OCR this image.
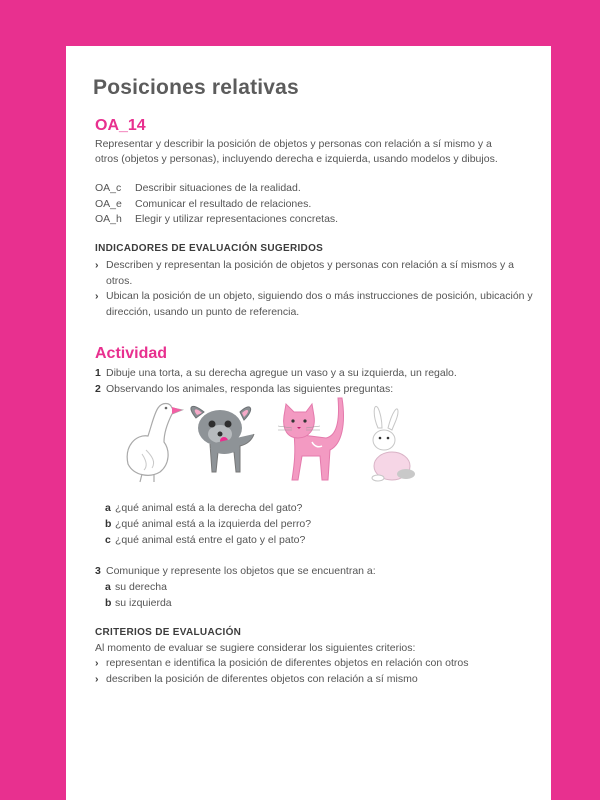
Posiciones relativas
OA_14
Representar y describir la posición de objetos y personas con relación a sí mismo y a otros (objetos y personas), incluyendo derecha e izquierda, usando modelos y dibujos.
OA_c	Describir situaciones de la realidad.
OA_e	Comunicar el resultado de relaciones.
OA_h	Elegir y utilizar representaciones concretas.
INDICADORES DE EVALUACIÓN SUGERIDOS
› Describen y representan la posición de objetos y personas con relación a sí mismos y a otros.
› Ubican la posición de un objeto, siguiendo dos o más instrucciones de posición, ubicación y dirección, usando un punto de referencia.
Actividad
1 Dibuje una torta, a su derecha agregue un vaso y a su izquierda, un regalo.
2 Observando los animales, responda las siguientes preguntas:
a ¿qué animal está a la derecha del gato?
b ¿qué animal está a la izquierda del perro?
c ¿qué animal está entre el gato y el pato?
3 Comunique y represente los objetos que se encuentran a:
a su derecha
b su izquierda
CRITERIOS DE EVALUACIÓN
Al momento de evaluar se sugiere considerar los siguientes criterios:
› representan e identifica la posición de diferentes objetos en relación con otros
› describen la posición de diferentes objetos con relación a sí mismo
